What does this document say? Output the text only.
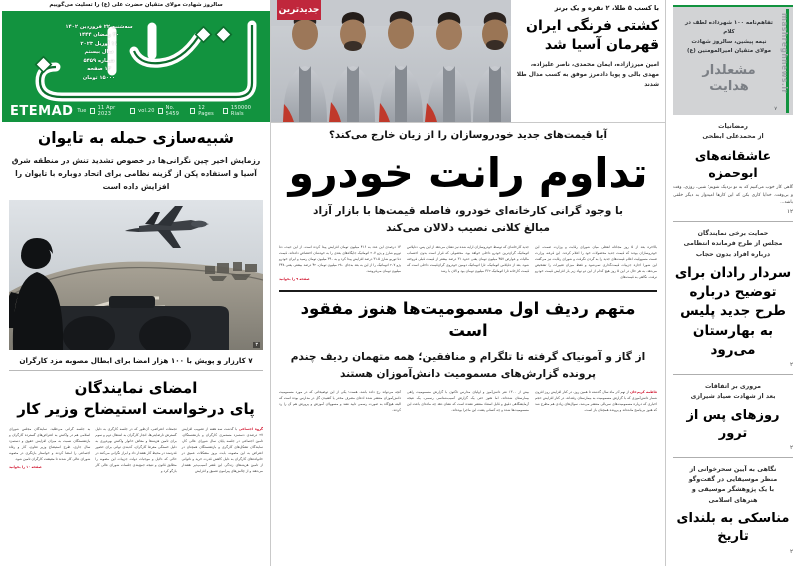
mashreghnews.ir
تفاهم‌نامه ۱۰۰ شهرداده لطف در کلام
نیمه پیشین، سالروز شهادت
مولای متقیان امیرالمومنین (ع)
مشعلدار
هدایت
۷
رمضانیات
از محمدعلی ابطحی
عاشقانه‌های ابوحمزه
گاهی کار خوب می‌کنیم که به تو نزدیک شویم؛ شبی، روزی، وقت و بی‌وقت. خدایا کاری بکن که این کارها امیدوار به دیگر خلقی باشد...
۱۲
حمایت برخی نمایندگان
مجلس از طرح فرمانده انتظامی
درباره افراد بدون حجاب
سردار رادان برای توضیح درباره طرح جدید پلیس به بهارستان می‌رود
۲
مروری بر اتفاقات
بعد از شهادت صیاد شیرازی
روزهای پس از ترور
۲
نگاهی به آیین سحرخوانی از
منظر موسیقایی در گفت‌وگو
با یک پژوهشگر موسیقی و
هنرهای اسلامی
مناسکی به بلندای تاریخ
۲
جدیدترین	با کسب ۵ طلا، ۲ نقره و یک برنز
کشتی فرنگی ایران
قهرمان آسیا شد
امین میرزازاده، ایمان محمدی، ناصر علیزاده، مهدی بالی و پویا دادمرز موفق به کسب مدال طلا شدند
آیا قیمت‌های جدید خودروسازان را از زیان خارج می‌کند؟
تداوم رانت خودرو
با وجود گرانی کارخانه‌ای خودرو، فاصله قیمت‌ها با بازار آزاد
مبالغ کلانی نصیب دلالان می‌کند
بالاخره بعد از ۵ روز مجادله لفظی میان شورای رقابت و وزارت صمت، این خودروسازان بودند که قیمت جدید محصولات خود را اعلام کردند. این قرعه، وزارت صمت مسوولیت اعلام قیمت‌های جدید را به گردن نگرفت و شورای رقابت نیز می‌گفت این شورا اجازه جزییات قیمت‌گذاری نمی‌شود و فقط میزان تغییرات را تشخیص می‌دهد. به هر حال در این ۵ روز هیچ کدام از این دو نهاد زیر بار افزایش قیمت خودرو نرفت. نگاهی به قیمت‌های
جدید کارخانه‌ای که توسط خودروسازان ارایه شده نیز نشان می‌دهد از این پس، دناپلاس اتوماتیک گران‌ترین خودرو داخلی خواهد بود. محصولی که قرار است بدون احتساب مالیات و عوارض ۴۵۷ میلیون تومان یعنی حدود ۳۱ درصد بیشتر از قیمت قبلی فروخته شود. بعد از دناپلاس اتوماتیک، تارا اتوماتیک دومین خودروی گران‌قیمت داخلی است که قیمت کارخانه تارا اتوماتیک ۳۶۲ میلیون تومان بود و الان با رشد
۱۳ درصدی این عدد به ۴۱۶ میلیون تومان افزایش پیدا کرده است. از این حیث، دنا توربو شارژ و پژو ۲۰۷ اتوماتیک جایگاه‌های بعدی را به خودشان اختصاص داده‌اند. قیمت دنا توربو شارژ ۳۱.۵ درصد افزایش پیدا کرد و به ۳۹۰ میلیون تومان رسید و ایران خودرو پژو ۲۰۷ اتوماتیک را از این به بعد به‌جای ۲۸۰ میلیون تومان، ۴۲ درصد بیشتر، یعنی ۳۴۸ میلیون تومان می‌فروشد.
صفحه ۹ را بخوانید
متهم ردیف اول مسمومیت‌ها هنوز مفقود است
از گاز و آمونیاک گرفته تا تلگرام و منافقین؛ همه متهمان ردیف چندم
پرونده گزارش‌های مسمومیت دانش‌آموزان هستند
فاطمه کریم‌خان از نهم آذر ماه سال گذشته تا همین روز، در کنار افزایش روز افزون شمار دانش‌آموزی که با گزارش مسمومیت به بیمارستان رفته‌اند، در کنار افزایش حجم اخباری که درباره مسمومیت‌های سریالی منتشر می‌شد، سوال‌های زیادی هم مطرح شد که هنوز بی‌پاسخ مانده‌اند و پرونده همچنان باز است.
بیش از ۱۳۰۰ نفر دانش‌آموز و اولیای مدارس تاکنون با گزارش مسمومیت راهی بیمارستان شده‌اند، اما هنوز حتی یک گزارش آسیب‌شناسی رسمی، یک نتیجه آزمایشگاهی دقیق و قابل استناد منتشر نشده است که نشان دهد چه ماده‌ای باعث این مسمومیت‌ها شده و چه کسانی پشت این ماجرا بوده‌اند.
آنچه می‌تواند رخ داده باشد، هست؛ یکی از این توضیحاتی که در مورد مسمومیت دانش‌آموزان منتشر شده ادعای مصرف مخدر یا کشیدن گل در مدارس بوده است که البته هیچ‌گاه به صورت رسمی تایید نشد و مسوولان آموزش و پرورش هم آن را رد کردند.
سالروز شهادت مولای متقیان حضرت علی (ع) را تسلیت می‌گوییم
سه‌شنبه ۲۲ فروردین ۱۴۰۲
۲۰ رمضان ۱۴۴۴
۱۱ آوریل ۲۰۲۳
سال بیستم
شماره ۵۴۵۹
۱۲ صفحه
۱۵۰۰۰ تومان
ETEMAD Tue 11 Apr 2023	vol.20 No. 5459
12 Pages
150000 Rials
شبیه‌سازی حمله به تایوان
رزمایش اخیر چین نگرانی‌ها در خصوص تشدید تنش در منطقه شرق آسیا و استفاده پکن از گزینه نظامی برای اتحاد دوباره با تایوان را افزایش داده است
۳
۷ کارزار و پویش با ۱۰۰ هزار امضا برای ابطال مصوبه مزد کارگران
امضای نمایندگان
پای درخواست استیضاح وزیر کار
گروه اجتماعی با گذشت سه هفته از تصویب افزایش ۲۷ درصدی دستمزد مستمری کارگران و بازنشستگان، تامین اجتماعی در جلسه پایان سال شورای عالی کار، نمایندگان تشکل‌های کارگری و بازنشستگان همچنان در اعتراض به این مصوبه، بابت بروز مشکلات عمیق در خانواده‌های کارگران به دلیل کاهش قدرت خرید و ناتوانی از تامین هزینه‌های زندگی این قشر آسیب‌پذیر هشدار می‌دهند و از چالش‌های پیرامون تعمیق و افزایش
تجمعات اعتراضی، آن‌طور که در جلسه کارگری به دلیل گسترش نارضایتی‌ها، انجار کارگران به اشتغال دوم و سوم برای تامین هزینه‌ها و معاش خانوار واکنش بهره‌وری به دلیل خستگی مفرط کارگران، کدبندی توانی برای حضور قدرتمند در محیط کار هشدار داد و ابراز نگرانی می‌کنند در حالی که دلایل و موجبات دولت جزییات این مصوبه را مطابق قانون و نتیجه جمع‌بندی جلسات شورای عالی کار بازگو کرد و
به جلسه گرانی می‌طلبد. نمایندگان مجلس شورای اسلامی هم در واکنش به اعتراض‌های گسترده کارگران و بازنشستگان نسبت به میزان افزایش حقوق و دستمزد سال جاری، طرح استیضاح وزیر تعاون، کار و رفاه اجتماعی را امضا کردند و خواستار بازنگری در مصوبه شورای عالی کار شدند تا معیشت کارگران تامین شود.
صفحه ۱۰ را بخوانید
